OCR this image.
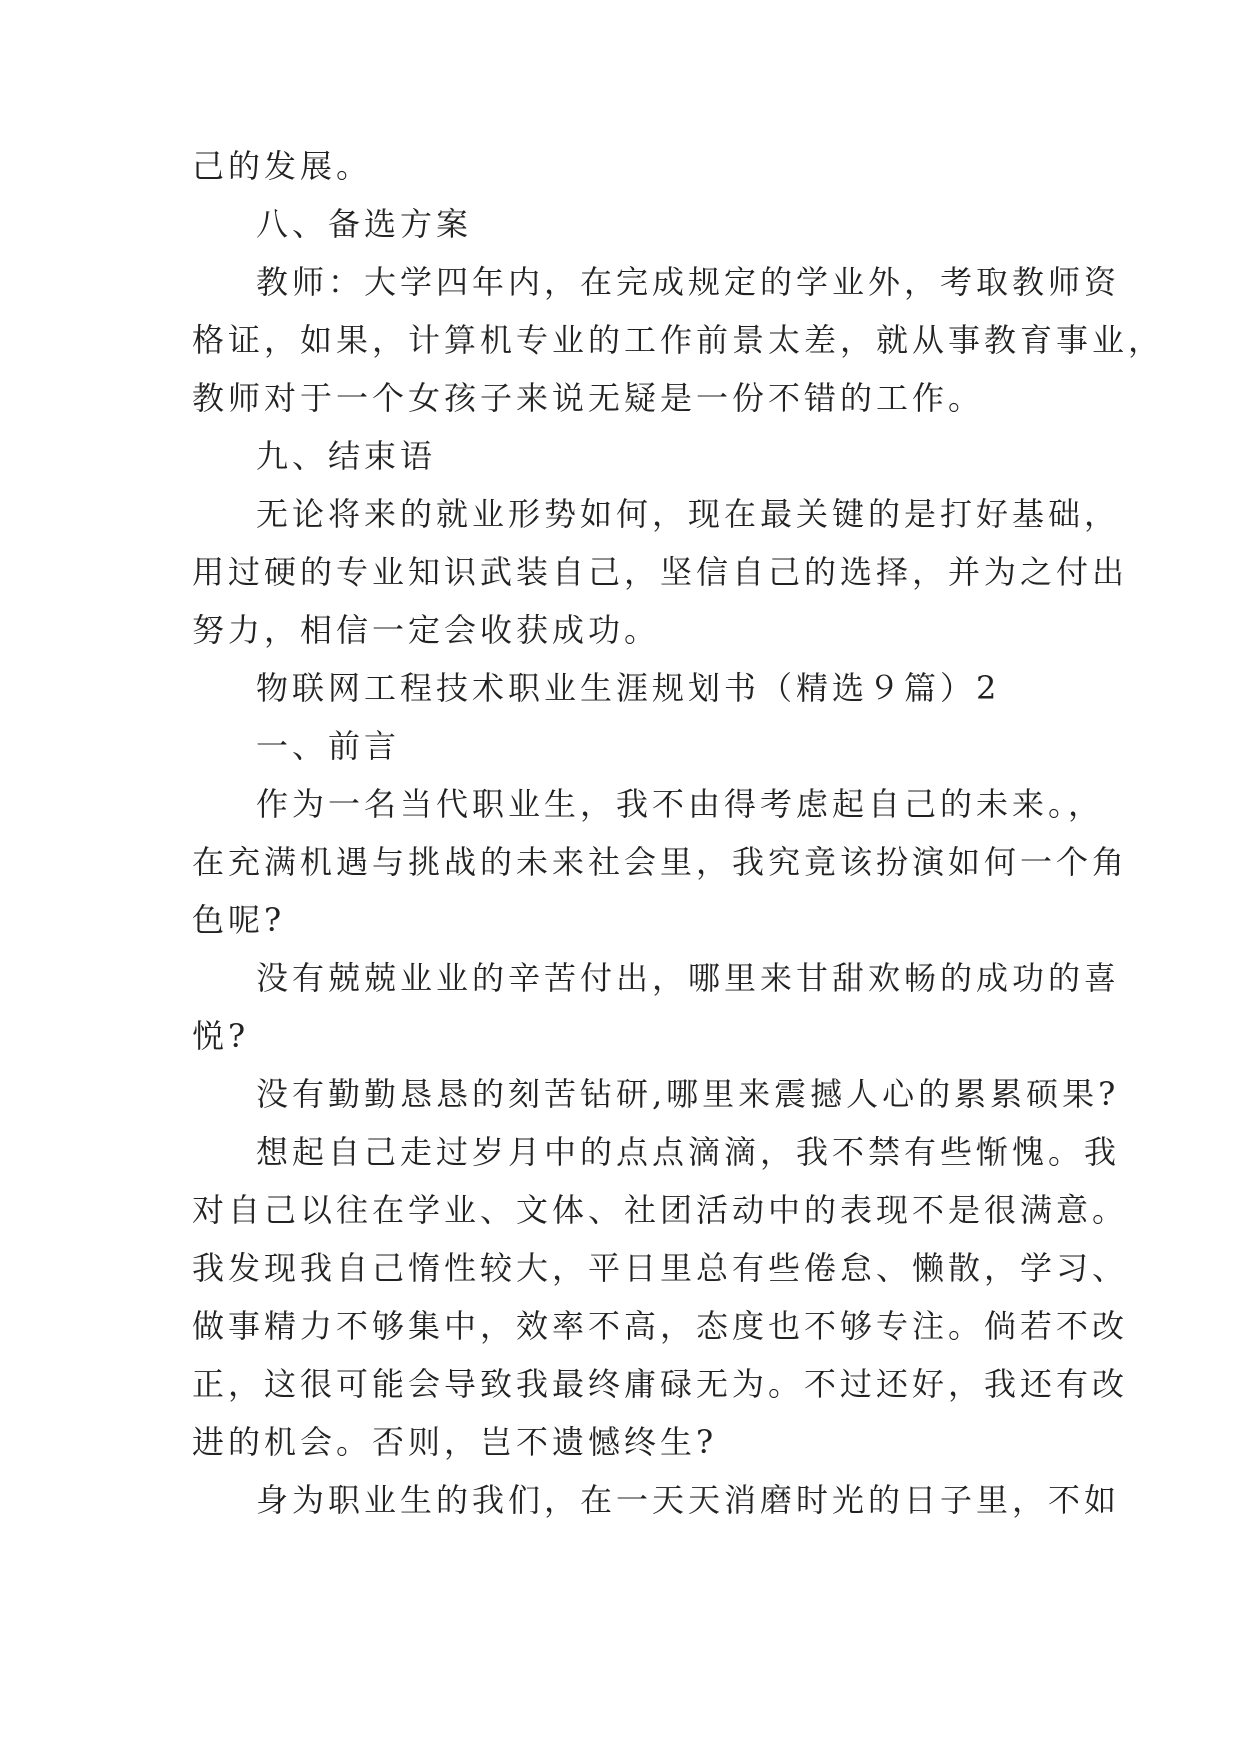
己的发展。
八、备选方案
教师：大学四年内，在完成规定的学业外，考取教师资
格证，如果，计算机专业的工作前景太差，就从事教育事业，
教师对于一个女孩子来说无疑是一份不错的工作。
九、结束语
无论将来的就业形势如何，现在最关键的是打好基础，
用过硬的专业知识武装自己，坚信自己的选择，并为之付出
努力，相信一定会收获成功。
物联网工程技术职业生涯规划书（精选９篇）2
一、前言
作为一名当代职业生，我不由得考虑起自己的未来。，
在充满机遇与挑战的未来社会里，我究竟该扮演如何一个角
色呢?
没有兢兢业业的辛苦付出，哪里来甘甜欢畅的成功的喜
悦?
没有勤勤恳恳的刻苦钻研,哪里来震撼人心的累累硕果?
想起自己走过岁月中的点点滴滴，我不禁有些惭愧。我
对自己以往在学业、文体、社团活动中的表现不是很满意。
我发现我自己惰性较大，平日里总有些倦怠、懒散，学习、
做事精力不够集中，效率不高，态度也不够专注。倘若不改
正，这很可能会导致我最终庸碌无为。不过还好，我还有改
进的机会。否则，岂不遗憾终生?
身为职业生的我们，在一天天消磨时光的日子里，不如
